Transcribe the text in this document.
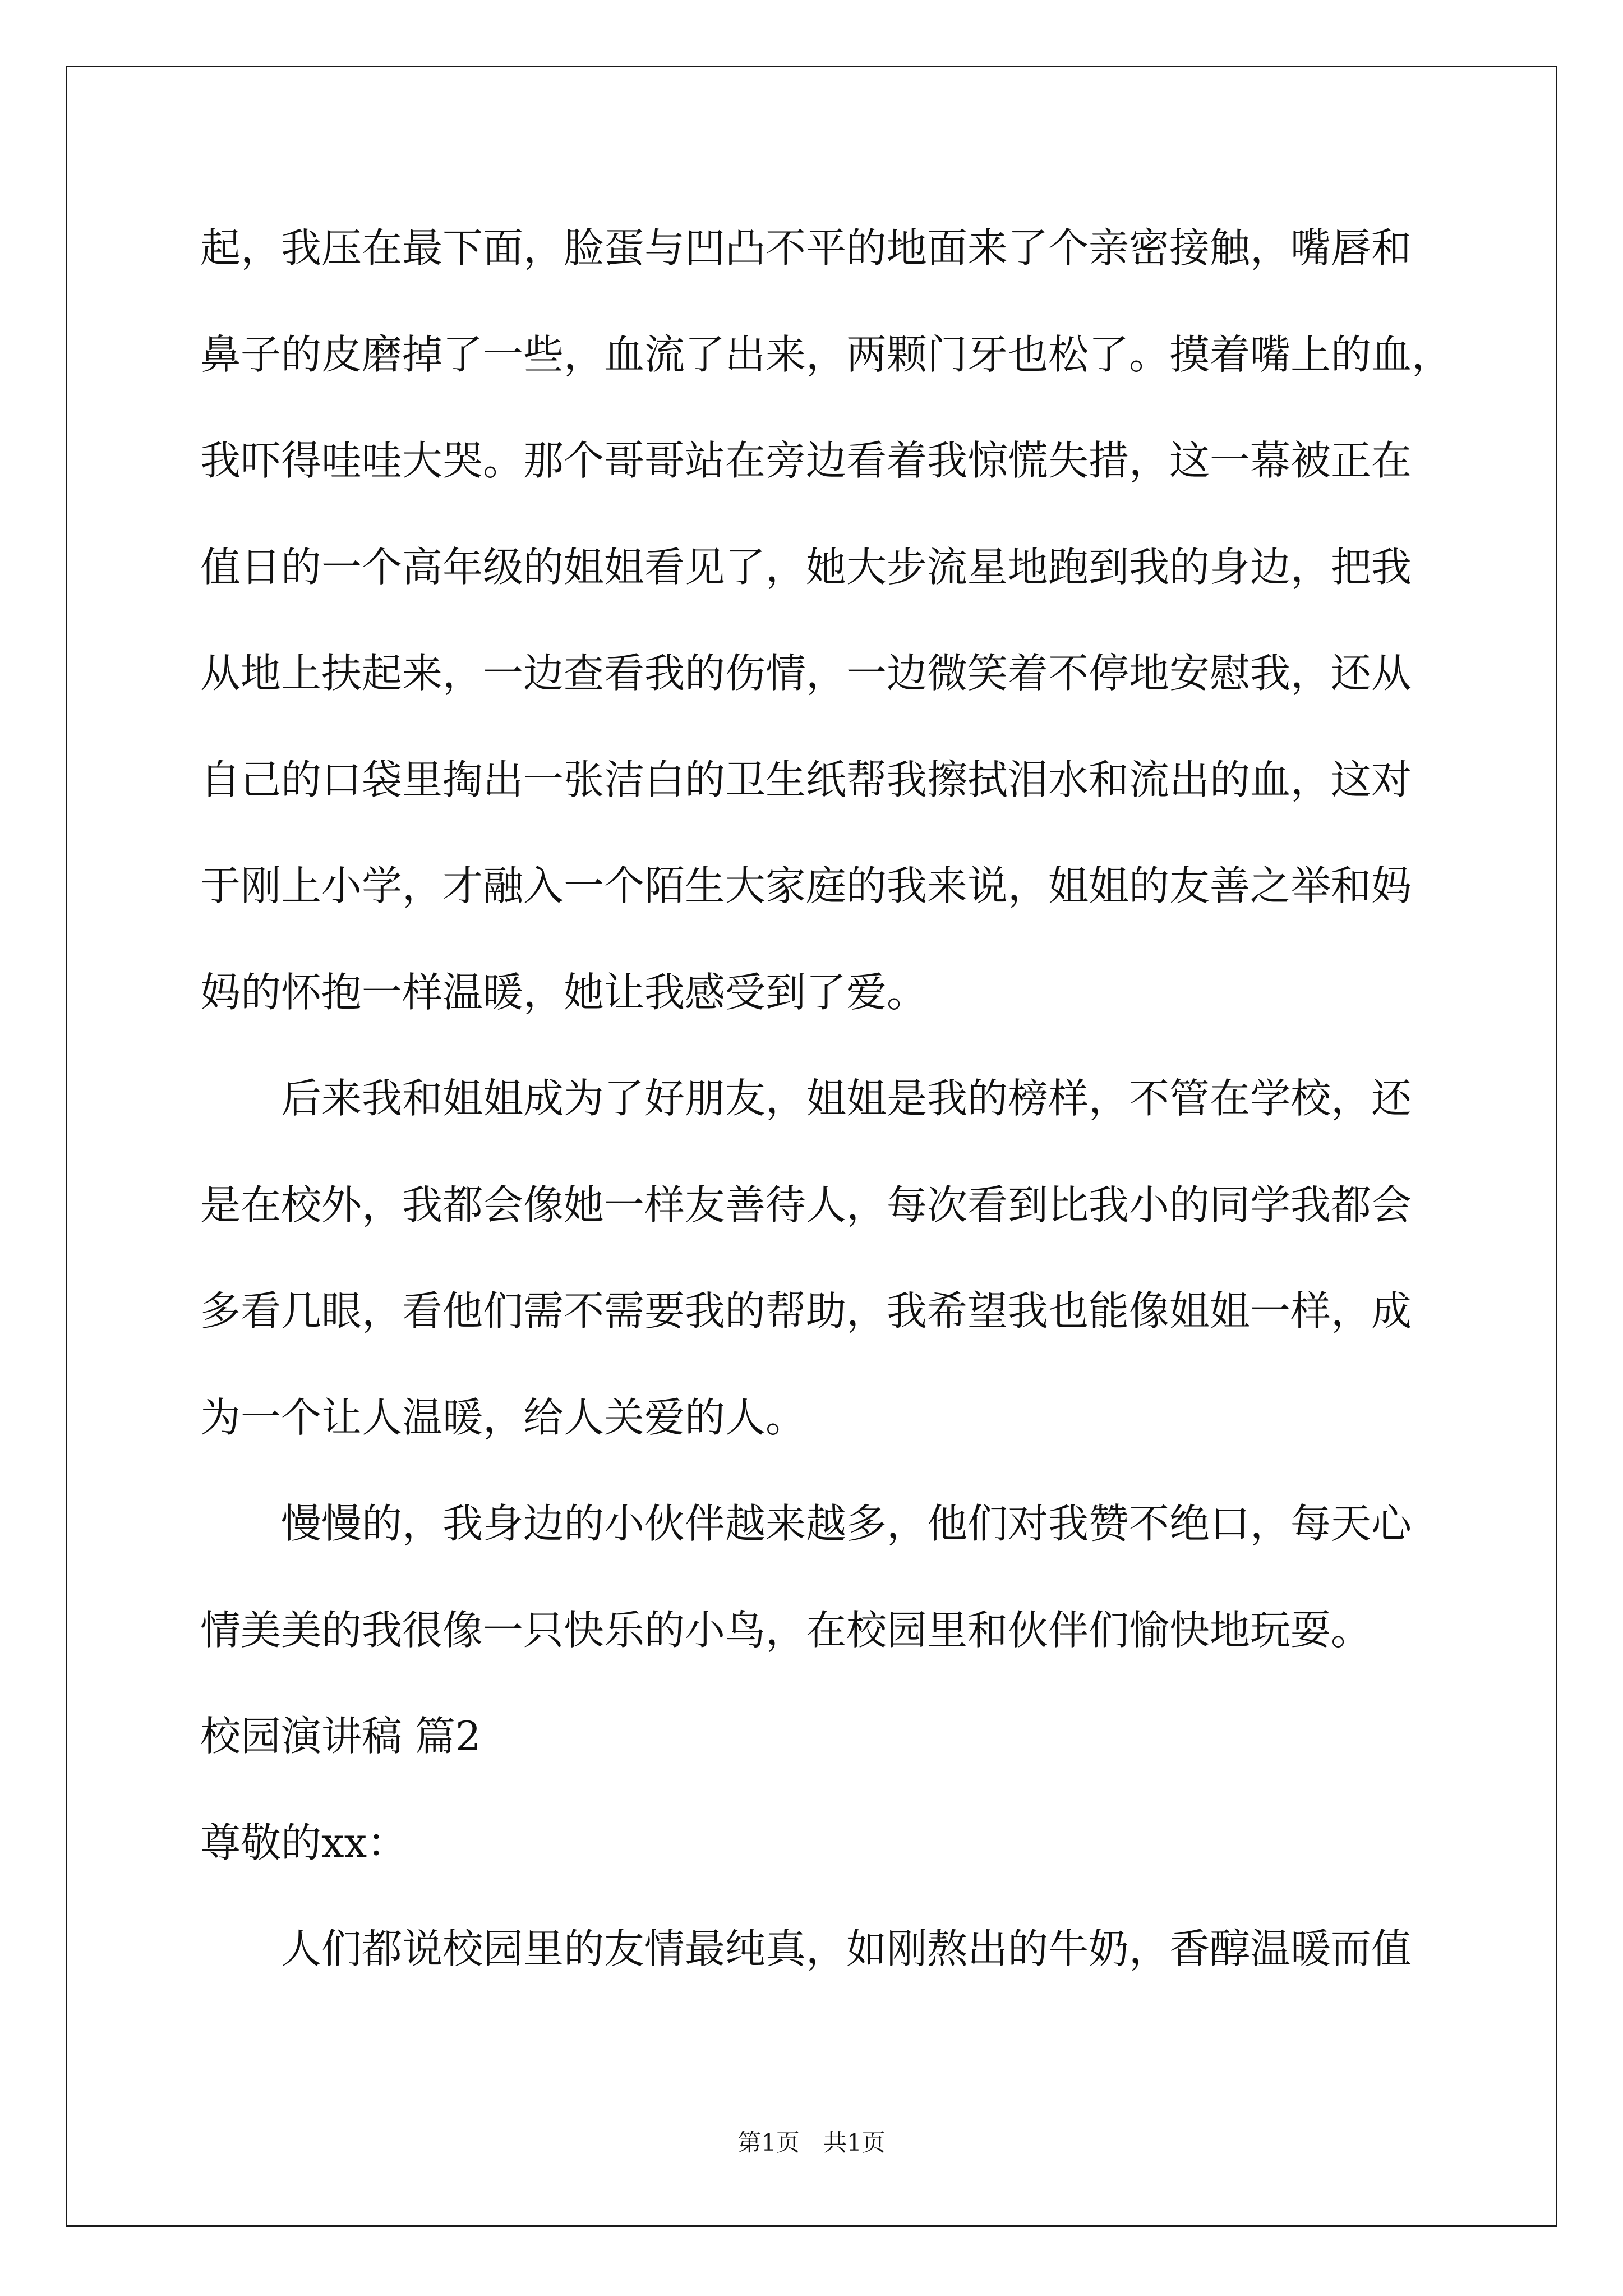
起，我压在最下面，脸蛋与凹凸不平的地面来了个亲密接触，嘴唇和
鼻子的皮磨掉了一些，血流了出来，两颗门牙也松了。摸着嘴上的血，
我吓得哇哇大哭。那个哥哥站在旁边看着我惊慌失措，这一幕被正在
值日的一个高年级的姐姐看见了，她大步流星地跑到我的身边，把我
从地上扶起来，一边查看我的伤情，一边微笑着不停地安慰我，还从
自己的口袋里掏出一张洁白的卫生纸帮我擦拭泪水和流出的血，这对
于刚上小学，才融入一个陌生大家庭的我来说，姐姐的友善之举和妈
妈的怀抱一样温暖，她让我感受到了爱。
后来我和姐姐成为了好朋友，姐姐是我的榜样，不管在学校，还
是在校外，我都会像她一样友善待人，每次看到比我小的同学我都会
多看几眼，看他们需不需要我的帮助，我希望我也能像姐姐一样，成
为一个让人温暖，给人关爱的人。
慢慢的，我身边的小伙伴越来越多，他们对我赞不绝口，每天心
情美美的我很像一只快乐的小鸟，在校园里和伙伴们愉快地玩耍。
校园演讲稿 篇2
尊敬的xx：
人们都说校园里的友情最纯真，如刚熬出的牛奶，香醇温暖而值
第1页　共1页
